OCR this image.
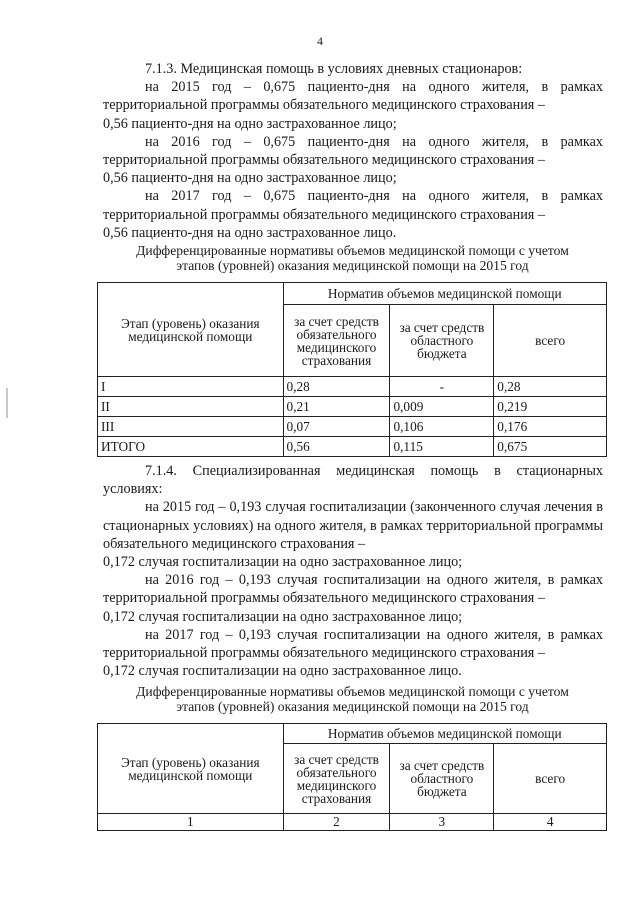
4

7.1.3. Медицинская помощь в условиях дневных стационаров:

на 2015 год – 0,675 пациенто-дня на одного жителя, в рамках территориальной программы обязательного медицинского страхования –

0,56 пациенто-дня на одно застрахованное лицо;

на 2016 год – 0,675 пациенто-дня на одного жителя, в рамках территориальной программы обязательного медицинского страхования –

0,56 пациенто-дня на одно застрахованное лицо;

на 2017 год – 0,675 пациенто-дня на одного жителя, в рамках территориальной программы обязательного медицинского страхования –

0,56 пациенто-дня на одно застрахованное лицо.

Дифференцированные нормативы объемов медицинской помощи с учетом
этапов (уровней) оказания медицинской помощи на 2015 год
Этап (уровень) оказания медицинской помощи	Норматив объемов медицинской помощи		
	за счет средств обязательного медицинского страхования	за счет средств областного бюджета	всего
I	0,28	-	0,28
II	0,21	0,009	0,219
III	0,07	0,106	0,176
ИТОГО	0,56	0,115	0,675

7.1.4. Специализированная медицинская помощь в стационарных условиях:

на 2015 год – 0,193 случая госпитализации (законченного случая лечения в стационарных условиях) на одного жителя, в рамках территориальной программы обязательного медицинского страхования –

0,172 случая госпитализации на одно застрахованное лицо;

на 2016 год – 0,193 случая госпитализации на одного жителя, в рамках территориальной программы обязательного медицинского страхования –

0,172 случая госпитализации на одно застрахованное лицо;

на 2017 год – 0,193 случая госпитализации на одного жителя, в рамках территориальной программы обязательного медицинского страхования –

0,172 случая госпитализации на одно застрахованное лицо.

Дифференцированные нормативы объемов медицинской помощи с учетом
этапов (уровней) оказания медицинской помощи на 2015 год
Этап (уровень) оказания медицинской помощи	Норматив объемов медицинской помощи		
	за счет средств обязательного медицинского страхования	за счет средств областного бюджета	всего
1	2	3	4
